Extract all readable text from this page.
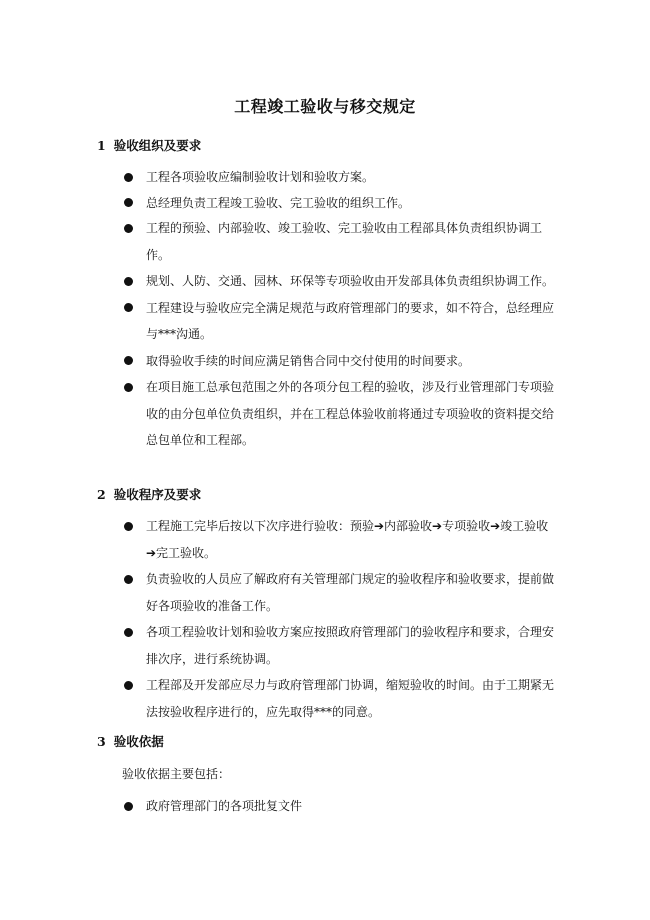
工程竣工验收与移交规定
1 验收组织及要求
工程各项验收应编制验收计划和验收方案。
总经理负责工程竣工验收、完工验收的组织工作。
工程的预验、内部验收、竣工验收、完工验收由工程部具体负责组织协调工作。
规划、人防、交通、园林、环保等专项验收由开发部具体负责组织协调工作。
工程建设与验收应完全满足规范与政府管理部门的要求，如不符合，总经理应与***沟通。
取得验收手续的时间应满足销售合同中交付使用的时间要求。
在项目施工总承包范围之外的各项分包工程的验收，涉及行业管理部门专项验收的由分包单位负责组织，并在工程总体验收前将通过专项验收的资料提交给总包单位和工程部。
2 验收程序及要求
工程施工完毕后按以下次序进行验收：预验➔内部验收➔专项验收➔竣工验收➔完工验收。
负责验收的人员应了解政府有关管理部门规定的验收程序和验收要求，提前做好各项验收的准备工作。
各项工程验收计划和验收方案应按照政府管理部门的验收程序和要求，合理安排次序，进行系统协调。
工程部及开发部应尽力与政府管理部门协调，缩短验收的时间。由于工期紧无法按验收程序进行的，应先取得***的同意。
3 验收依据
验收依据主要包括：
政府管理部门的各项批复文件
